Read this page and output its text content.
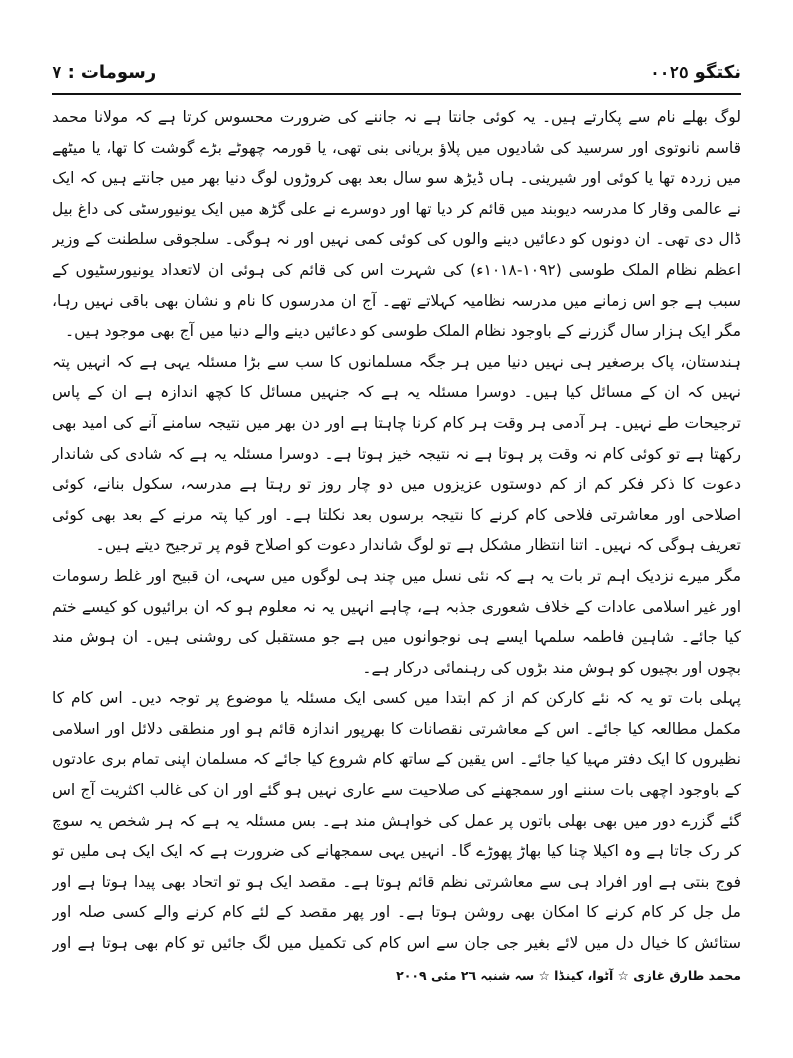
نکتگو
٠٠٢٥
رسومات
:
٧

لوگ بھلے نام سے پکارتے ہیں۔ یہ کوئی جانتا ہے نہ جاننے کی ضرورت محسوس کرتا ہے کہ مولانا محمد قاسم نانوتوی اور سرسید کی شادیوں میں پلاؤ بریانی بنی تھی، یا قورمہ چھوٹے بڑے گوشت کا تھا، یا میٹھے میں زردہ تھا یا کوئی اور شیرینی۔ ہاں ڈیڑھ سو سال بعد بھی کروڑوں لوگ دنیا بھر میں جانتے ہیں کہ ایک نے عالمی وقار کا مدرسہ دیوبند میں قائم کر دیا تھا اور دوسرے نے علی گڑھ میں ایک یونیورسٹی کی داغ بیل ڈال دی تھی۔ ان دونوں کو دعائیں دینے والوں کی کوئی کمی نہیں اور نہ ہوگی۔ سلجوقی سلطنت کے وزیر اعظم نظام الملک طوسی (١٠٩٢-١٠١٨ء) کی شہرت اس کی قائم کی ہوئی ان لاتعداد یونیورسٹیوں کے سبب ہے جو اس زمانے میں مدرسہ نظامیہ کہلاتے تھے۔ آج ان مدرسوں کا نام و نشان بھی باقی نہیں رہا، مگر ایک ہزار سال گزرنے کے باوجود نظام الملک طوسی کو دعائیں دینے والے دنیا میں آج بھی موجود ہیں۔

ہندستان، پاک برصغیر ہی نہیں دنیا میں ہر جگہ مسلمانوں کا سب سے بڑا مسئلہ یہی ہے کہ انہیں پتہ نہیں کہ ان کے مسائل کیا ہیں۔ دوسرا مسئلہ یہ ہے کہ جنہیں مسائل کا کچھ اندازہ ہے ان کے پاس ترجیحات طے نہیں۔ ہر آدمی ہر وقت ہر کام کرنا چاہتا ہے اور دن بھر میں نتیجہ سامنے آنے کی امید بھی رکھتا ہے تو کوئی کام نہ وقت پر ہوتا ہے نہ نتیجہ خیز ہوتا ہے۔ دوسرا مسئلہ یہ ہے کہ شادی کی شاندار دعوت کا ذکر فکر کم از کم دوستوں عزیزوں میں دو چار روز تو رہتا ہے مدرسہ، سکول بنانے، کوئی اصلاحی اور معاشرتی فلاحی کام کرنے کا نتیجہ برسوں بعد نکلتا ہے۔ اور کیا پتہ مرنے کے بعد بھی کوئی تعریف ہوگی کہ نہیں۔ اتنا انتظار مشکل ہے تو لوگ شاندار دعوت کو اصلاح قوم پر ترجیح دیتے ہیں۔

مگر میرے نزدیک اہم تر بات یہ ہے کہ نئی نسل میں چند ہی لوگوں میں سہی، ان قبیح اور غلط رسومات اور غیر اسلامی عادات کے خلاف شعوری جذبہ ہے، چاہے انہیں یہ نہ معلوم ہو کہ ان برائیوں کو کیسے ختم کیا جائے۔ شاہین فاطمہ سلمہا ایسے ہی نوجوانوں میں ہے جو مستقبل کی روشنی ہیں۔ ان ہوش مند بچوں اور بچیوں کو ہوش مند بڑوں کی رہنمائی درکار ہے۔

پہلی بات تو یہ کہ نئے کارکن کم از کم ابتدا میں کسی ایک مسئلہ یا موضوع پر توجہ دیں۔ اس کام کا مکمل مطالعہ کیا جائے۔ اس کے معاشرتی نقصانات کا بھرپور اندازہ قائم ہو اور منطقی دلائل اور اسلامی نظیروں کا ایک دفتر مہیا کیا جائے۔ اس یقین کے ساتھ کام شروع کیا جائے کہ مسلمان اپنی تمام بری عادتوں کے باوجود اچھی بات سننے اور سمجھنے کی صلاحیت سے عاری نہیں ہو گئے اور ان کی غالب اکثریت آج اس گئے گزرے دور میں بھی بھلی باتوں پر عمل کی خواہش مند ہے۔ بس مسئلہ یہ ہے کہ ہر شخص یہ سوچ کر رک جاتا ہے وہ اکیلا چنا کیا بھاڑ پھوڑے گا۔ انہیں یہی سمجھانے کی ضرورت ہے کہ ایک ایک ہی ملیں تو فوج بنتی ہے اور افراد ہی سے معاشرتی نظم قائم ہوتا ہے۔ مقصد ایک ہو تو اتحاد بھی پیدا ہوتا ہے اور مل جل کر کام کرنے کا امکان بھی روشن ہوتا ہے۔ اور پھر مقصد کے لئے کام کرنے والے کسی صلہ اور ستائش کا خیال دل میں لائے بغیر جی جان سے اس کام کی تکمیل میں لگ جائیں تو کام بھی ہوتا ہے اور

محمد طارق غازی ☆ آٹوا، کینڈا ☆ سہ شنبہ ٢٦ مئی ٢٠٠٩
